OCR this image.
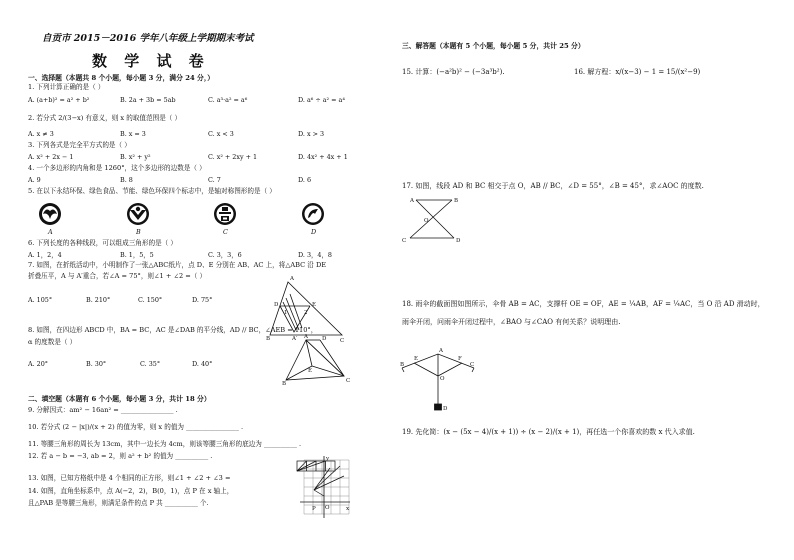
自贡市 2015－2016 学年八年级上学期期末考试
数 学 试 卷
一、选择题（本题共 8 个小题，每小题 3 分，满分 24 分，）
1. 下列计算正确的是（ ）
A. (a+b)² = a² + b²	B. 2a + 3b = 5ab	C. a³·a² = a⁶	D. a⁶ ÷ a² = a⁴
2. 若分式 2/(3−x) 有意义，则 x 的取值范围是（ ）
A. x ≠ 3	B. x = 3	C. x < 3	D. x > 3
3. 下列各式是完全平方式的是（ ）
A. x² + 2x − 1	B. x² + y²	C. x² + 2xy + 1	D. 4x² + 4x + 1
4. 一个多边形的内角和是 1260°，这个多边形的边数是（ ）
A. 9	B. 8	C. 7	D. 6
5. 在以下永结环保、绿色食品、节能、绿色环保四个标志中，是轴对称图形的是（ ）
A	B	C	D
6. 下列长度的各种线段，可以组成三角形的是（ ）
A. 1，2，4	B. 1，5，5	C. 3，3，6	D. 3，4，8
7. 如图，在折纸活动中，小明制作了一张△ABC纸片，点 D、E 分别在 AB、AC 上，将△ABC 沿 DE
折叠压平，A 与 A′重合，若∠A = 75°，则∠1 + ∠2 =（ ）
A. 105°	B. 210°	C. 150°	D. 75°
A
D
1	2
B
E
C
A′
8. 如图，在四边形 ABCD 中，BA = BC，AC 是∠DAB 的平分线，AD // BC，∠AEB = 110°，
α 的度数是（ ）
A. 20°	B. 30°	C. 35°	D. 40°
A	D
E
B	C
二、填空题（本题有 6 个小题，每小题 3 分，共计 18 分）
9. 分解因式：am² − 16an² = ________________ .
10. 若分式 (2 − |x|)/(x + 2) 的值为零，则 x 的值为 ________________ .
11. 等腰三角形的周长为 13cm，其中一边长为 4cm，则该等腰三角形的底边为 __________ .
12. 若 a − b = −3, ab = 2，则 a² + b² 的值为 __________ .
13. 如图，已知方格纸中是 4 个相同的正方形，则∠1 + ∠2 + ∠3 =
14. 如图，直角坐标系中，点 A(−2，2)，B(0，1)，点 P 在 x 轴上，
且△PAB 是等腰三角形，则满足条件的点 P 共 __________ 个.
y
x
P O
三、解答题（本题有 5 个小题，每小题 5 分，共计 25 分）
15. 计算：(−a²b)² − (−3a³b²).	16. 解方程：x/(x−3) − 1 = 15/(x²−9)
17. 如图，线段 AD 和 BC 相交于点 O，AB // BC，∠D = 55°，∠B = 45°，求∠AOC 的度数.
A	B
O
C	D
18. 雨伞的截面图如图所示，伞骨 AB = AC，支撑杆 OE = OF，AE = ¼AB，AF = ¼AC，当 O 沿 AD 滑动时，
雨伞开闭，问雨伞开闭过程中，∠BAO 与∠CAO 有何关系？说明理由.
A
B	C
E	F
O
D
19. 先化简：(x − (5x − 4)/(x + 1)) ÷ (x − 2)/(x + 1)，再任选一个你喜欢的数 x 代入求值.
